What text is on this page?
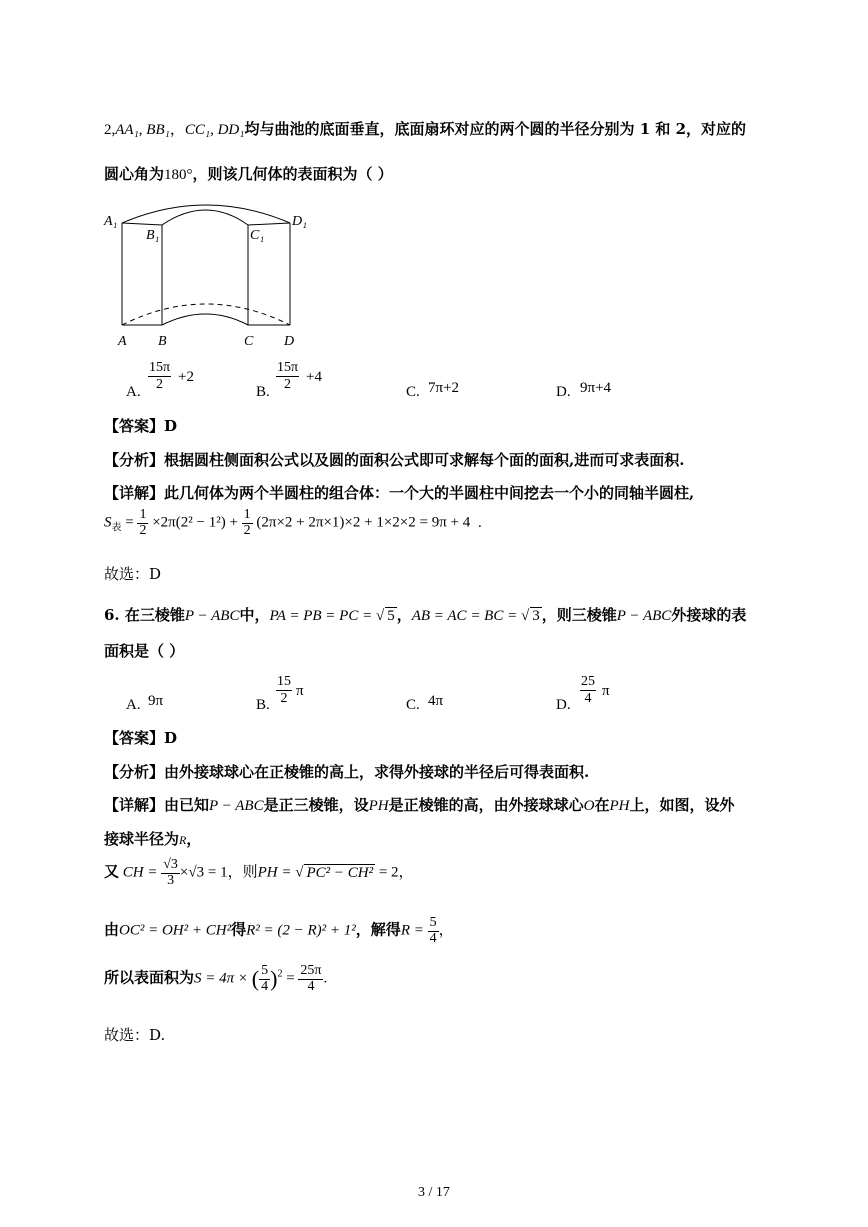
2,AA₁, BB₁，CC₁, DD₁均与曲池的底面垂直，底面扇环对应的两个圆的半径分别为 1 和 2，对应的
圆心角为180°，则该几何体的表面积为（ ）
A₁
B₁	C₁
D₁
A B	C D
A. $\frac{15\pi}{2} +2$
B. $\frac{15\pi}{2} +4$
C. 7π+2	D. 9π+4
【答案】D
【分析】根据圆柱侧面积公式以及圆的面积公式即可求解每个面的面积,进而可求表面积.
【详解】此几何体为两个半圆柱的组合体：一个大的半圆柱中间挖去一个小的同轴半圆柱,
$S_表 = \frac{1}{2} \times 2\pi(2^2 - 1^2) + \frac{1}{2} (2\pi\times 2 + 2\pi\times 1)\times 2 + 1\times 2\times 2 = 9\pi + 4$ .
故选：D
6. 在三棱锥P − ABC中，PA = PB = PC = √ 5 ，AB = AC = BC = √ 3 ，则三棱锥P − ABC外接球的表
面积是（ ）
A. 9π	B. $\frac{15}{2}$ π
C. 4π	D. $\frac{25}{4}$ π
【答案】D
【分析】由外接球球心在正棱锥的高上，求得外接球的半径后可得表面积.
【详解】由已知P − ABC是正三棱锥，设PH是正棱锥的高，由外接球球心O在PH上，如图，设外
接球半径为R，
又 CH = $\frac{√3}{3} \times√3 = 1$，则PH = √ PC² − CH² = 2，
由OC² = OH² + CH²得R² = (2 − R)² + 1²，解得$R = \frac{5}{4}$ ，
所以表面积为S = 4π × ( $\frac{5}{4} )^2 = \frac{25\pi}{4}$ .
故选：D.
3 / 17
